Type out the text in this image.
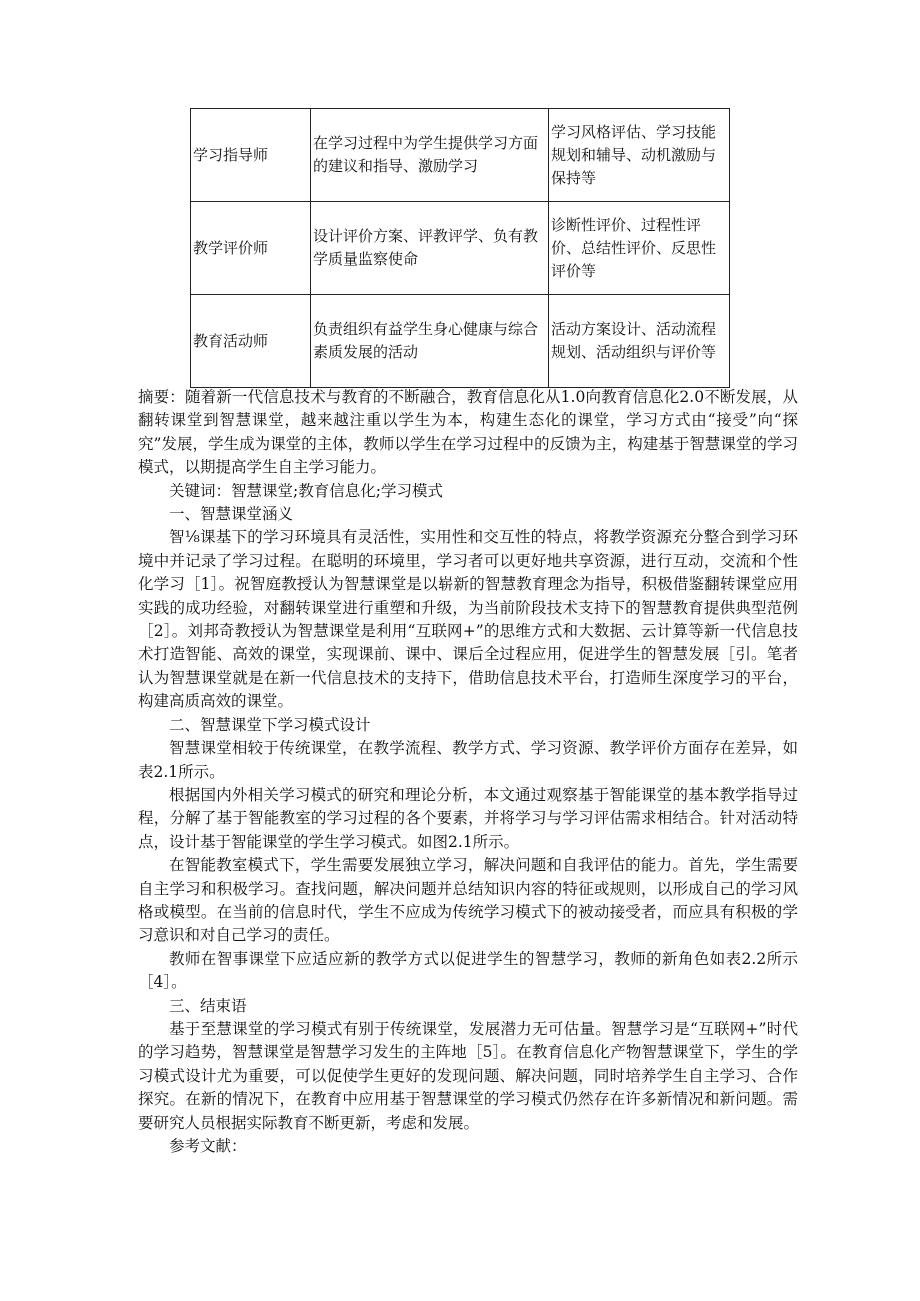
学习指导师	在学习过程中为学生提供学习方面的建议和指导、激励学习	学习风格评估、学习技能规划和辅导、动机激励与保持等
教学评价师	设计评价方案、评教评学、负有教学质量监察使命	诊断性评价、过程性评价、总结性评价、反思性评价等
教育活动师	负责组织有益学生身心健康与综合素质发展的活动	活动方案设计、活动流程规划、活动组织与评价等

摘要：随着新一代信息技术与教育的不断融合，教育信息化从1.0向教育信息化2.0不断发展，从翻转课堂到智慧课堂，越来越注重以学生为本，构建生态化的课堂，学习方式由“接受”向“探究”发展，学生成为课堂的主体，教师以学生在学习过程中的反馈为主，构建基于智慧课堂的学习模式，以期提高学生自主学习能力。

关键词：智慧课堂;教育信息化;学习模式

一、智慧课堂涵义

智⅛课基下的学习环境具有灵活性，实用性和交互性的特点，将教学资源充分整合到学习环境中并记录了学习过程。在聪明的环境里，学习者可以更好地共享资源，进行互动，交流和个性化学习［1］。祝智庭教授认为智慧课堂是以崭新的智慧教育理念为指导，积极借鉴翻转课堂应用实践的成功经验，对翻转课堂进行重塑和升级，为当前阶段技术支持下的智慧教育提供典型范例［2］。刘邦奇教授认为智慧课堂是利用“互联网+”的思维方式和大数据、云计算等新一代信息技术打造智能、高效的课堂，实现课前、课中、课后全过程应用，促进学生的智慧发展［引。笔者认为智慧课堂就是在新一代信息技术的支持下，借助信息技术平台，打造师生深度学习的平台，构建高质高效的课堂。

二、智慧课堂下学习模式设计

智慧课堂相较于传统课堂，在教学流程、教学方式、学习资源、教学评价方面存在差异，如表2.1所示。

根据国内外相关学习模式的研究和理论分析，本文通过观察基于智能课堂的基本教学指导过程，分解了基于智能教室的学习过程的各个要素，并将学习与学习评估需求相结合。针对活动特点，设计基于智能课堂的学生学习模式。如图2.1所示。

在智能教室模式下，学生需要发展独立学习，解决问题和自我评估的能力。首先，学生需要自主学习和积极学习。查找问题，解决问题并总结知识内容的特征或规则，以形成自己的学习风格或模型。在当前的信息时代，学生不应成为传统学习模式下的被动接受者，而应具有积极的学习意识和对自己学习的责任。

教师在智事课堂下应适应新的教学方式以促进学生的智慧学习，教师的新角色如表2.2所示［4］。

三、结束语

基于至慧课堂的学习模式有别于传统课堂，发展潜力无可估量。智慧学习是“互联网+”时代的学习趋势，智慧课堂是智慧学习发生的主阵地［5］。在教育信息化产物智慧课堂下，学生的学习模式设计尤为重要，可以促使学生更好的发现问题、解决问题，同时培养学生自主学习、合作探究。在新的情况下，在教育中应用基于智慧课堂的学习模式仍然存在许多新情况和新问题。需要研究人员根据实际教育不断更新，考虑和发展。

参考文献：
